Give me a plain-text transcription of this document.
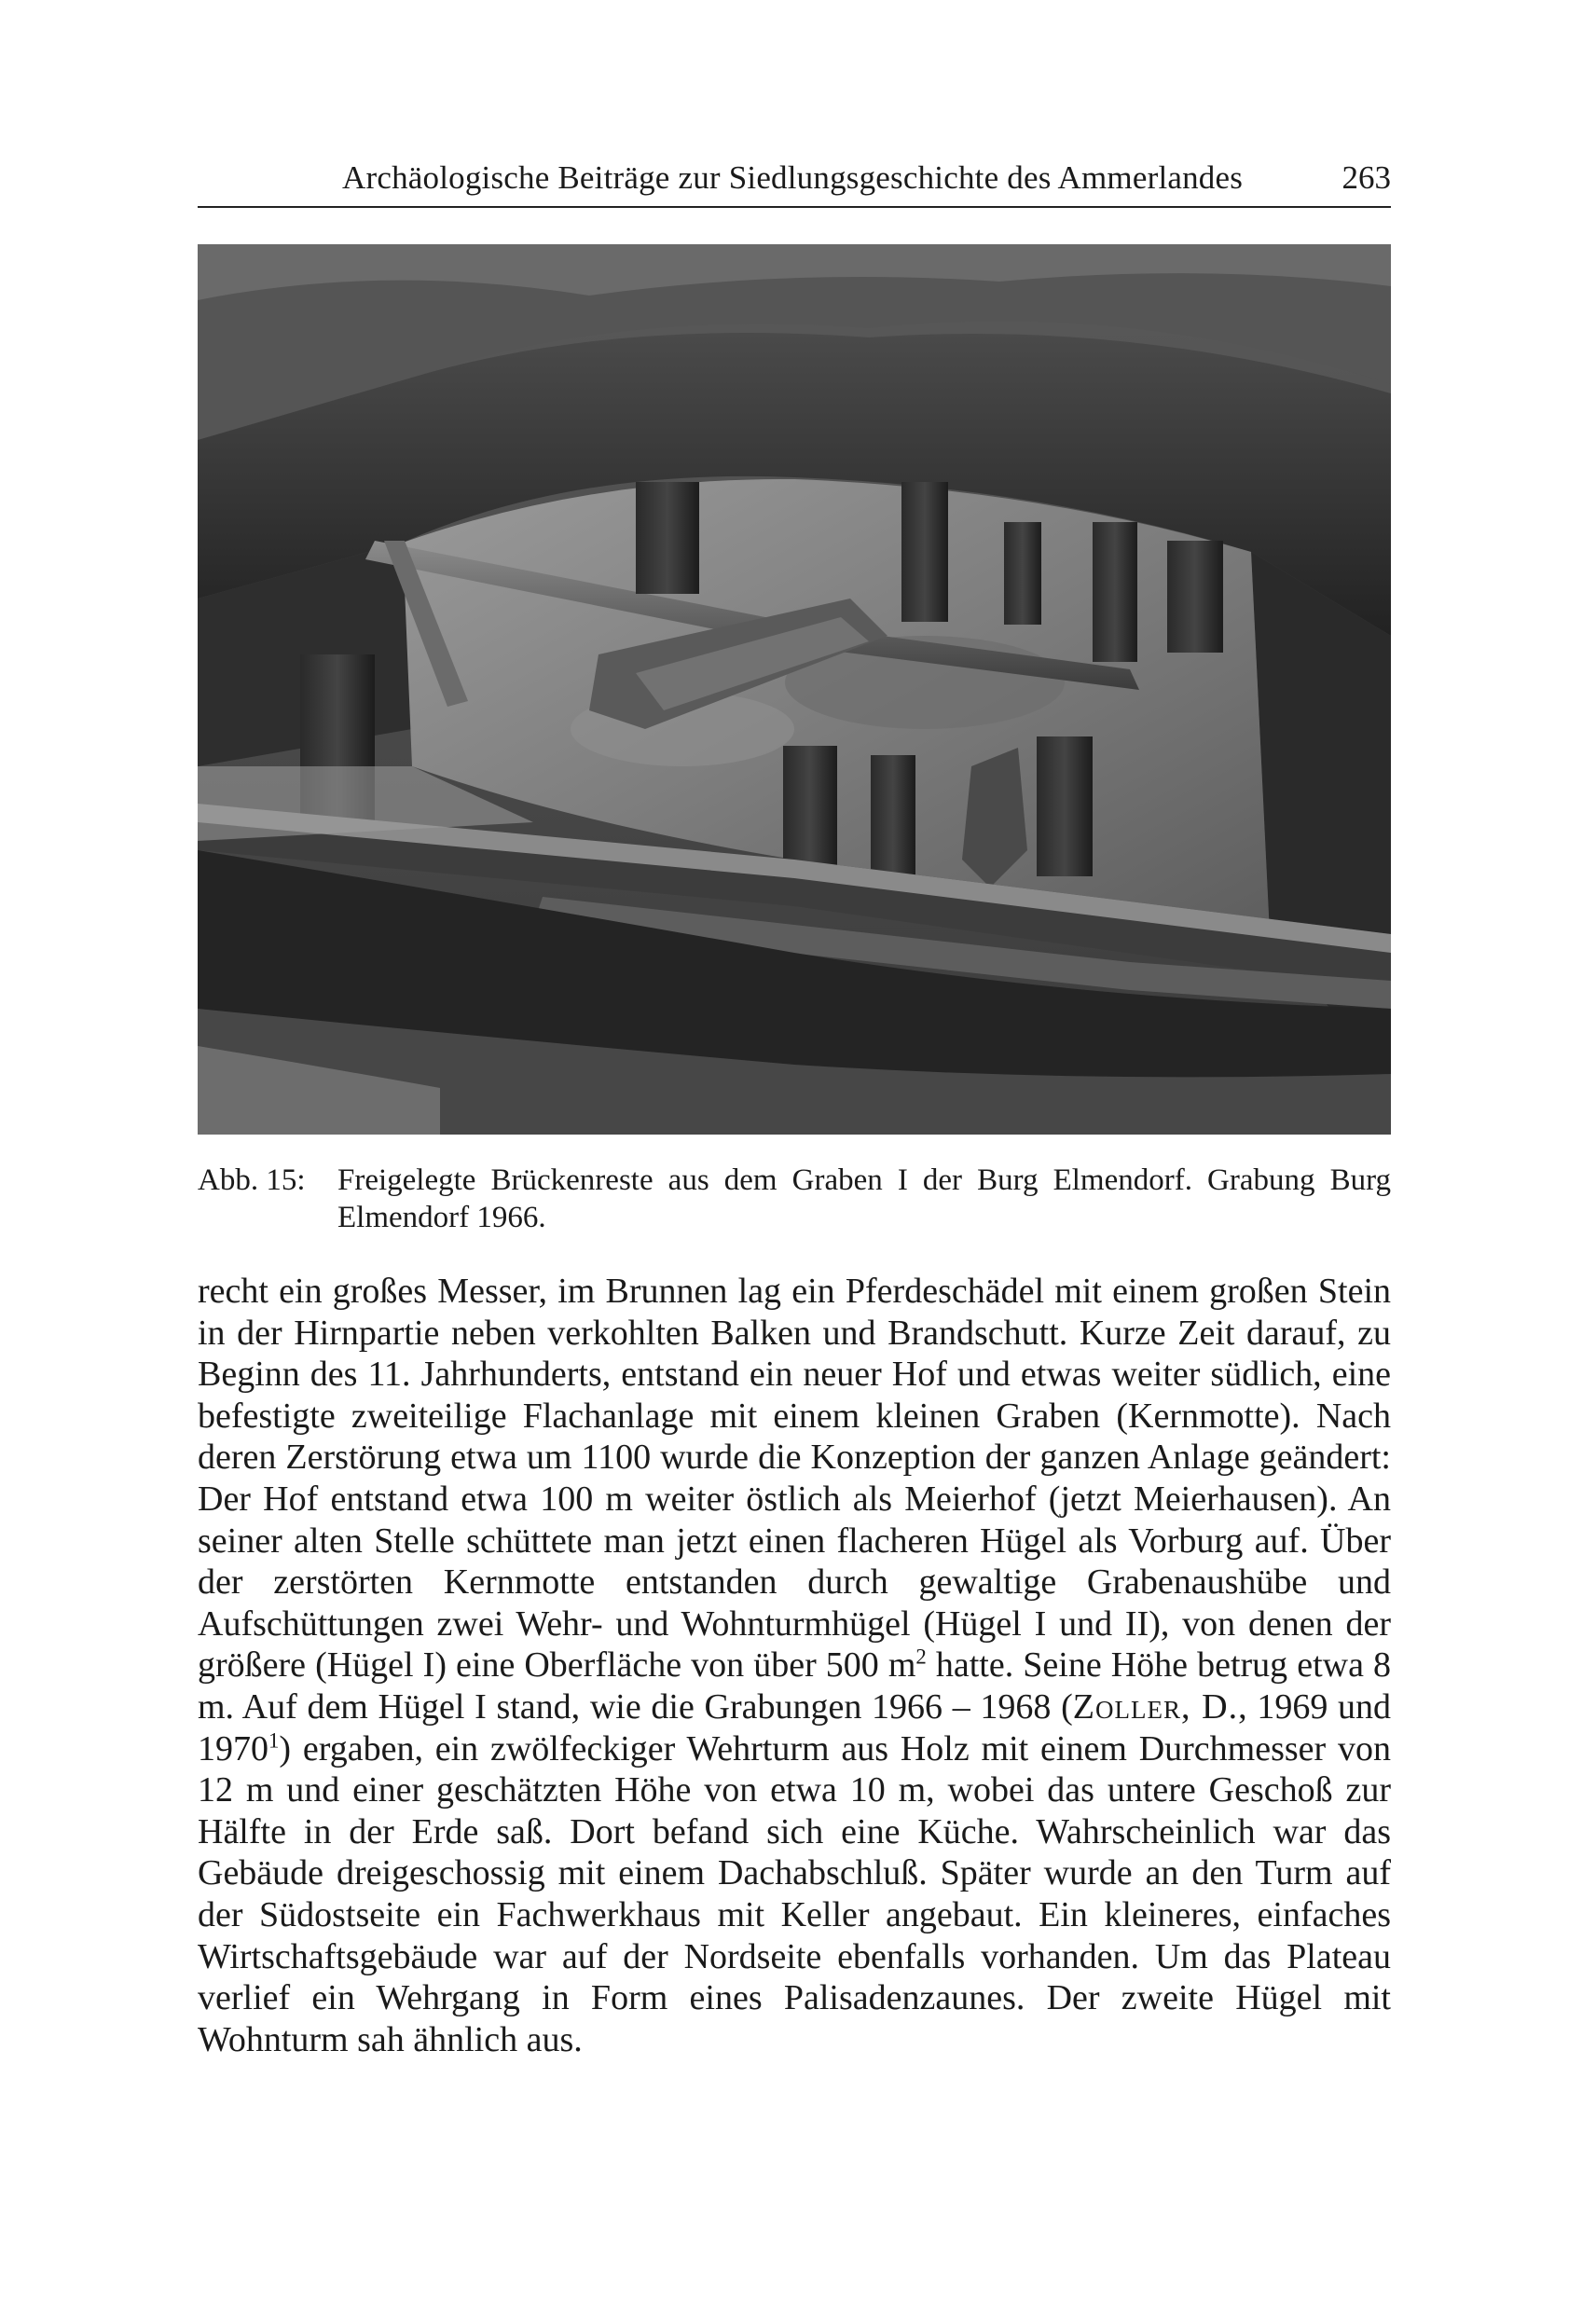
Archäologische Beiträge zur Siedlungsgeschichte des Ammerlandes	263
Abb. 15: Freigelegte Brückenreste aus dem Graben I der Burg Elmendorf. Grabung Burg Elmendorf 1966.

recht ein großes Messer, im Brunnen lag ein Pferdeschädel mit einem großen Stein in der Hirnpartie neben verkohlten Balken und Brandschutt. Kurze Zeit darauf, zu Beginn des 11. Jahrhunderts, entstand ein neuer Hof und etwas weiter südlich, eine befestigte zweiteilige Flachanlage mit einem kleinen Graben (Kernmotte). Nach deren Zerstörung etwa um 1100 wurde die Konzeption der ganzen Anlage geändert: Der Hof entstand etwa 100 m weiter östlich als Meierhof (jetzt Meierhausen). An seiner alten Stelle schüttete man jetzt einen flacheren Hügel als Vorburg auf. Über der zerstörten Kernmotte entstanden durch gewaltige Grabenaushübe und Aufschüttungen zwei Wehr- und Wohnturmhügel (Hügel I und II), von denen der größere (Hügel I) eine Oberfläche von über 500 $m^2$ hatte. Seine Höhe betrug etwa 8 m. Auf dem Hügel I stand, wie die Grabungen 1966 – 1968 (Zoller, D., 1969 und 1970$^1$) ergaben, ein zwölfeckiger Wehrturm aus Holz mit einem Durchmesser von 12 m und einer geschätzten Höhe von etwa 10 m, wobei das untere Geschoß zur Hälfte in der Erde saß. Dort befand sich eine Küche. Wahrscheinlich war das Gebäude dreigeschossig mit einem Dachabschluß. Später wurde an den Turm auf der Südostseite ein Fachwerkhaus mit Keller angebaut. Ein kleineres, einfaches Wirtschaftsgebäude war auf der Nordseite ebenfalls vorhanden. Um das Plateau verlief ein Wehrgang in Form eines Palisadenzaunes. Der zweite Hügel mit Wohnturm sah ähnlich aus.
